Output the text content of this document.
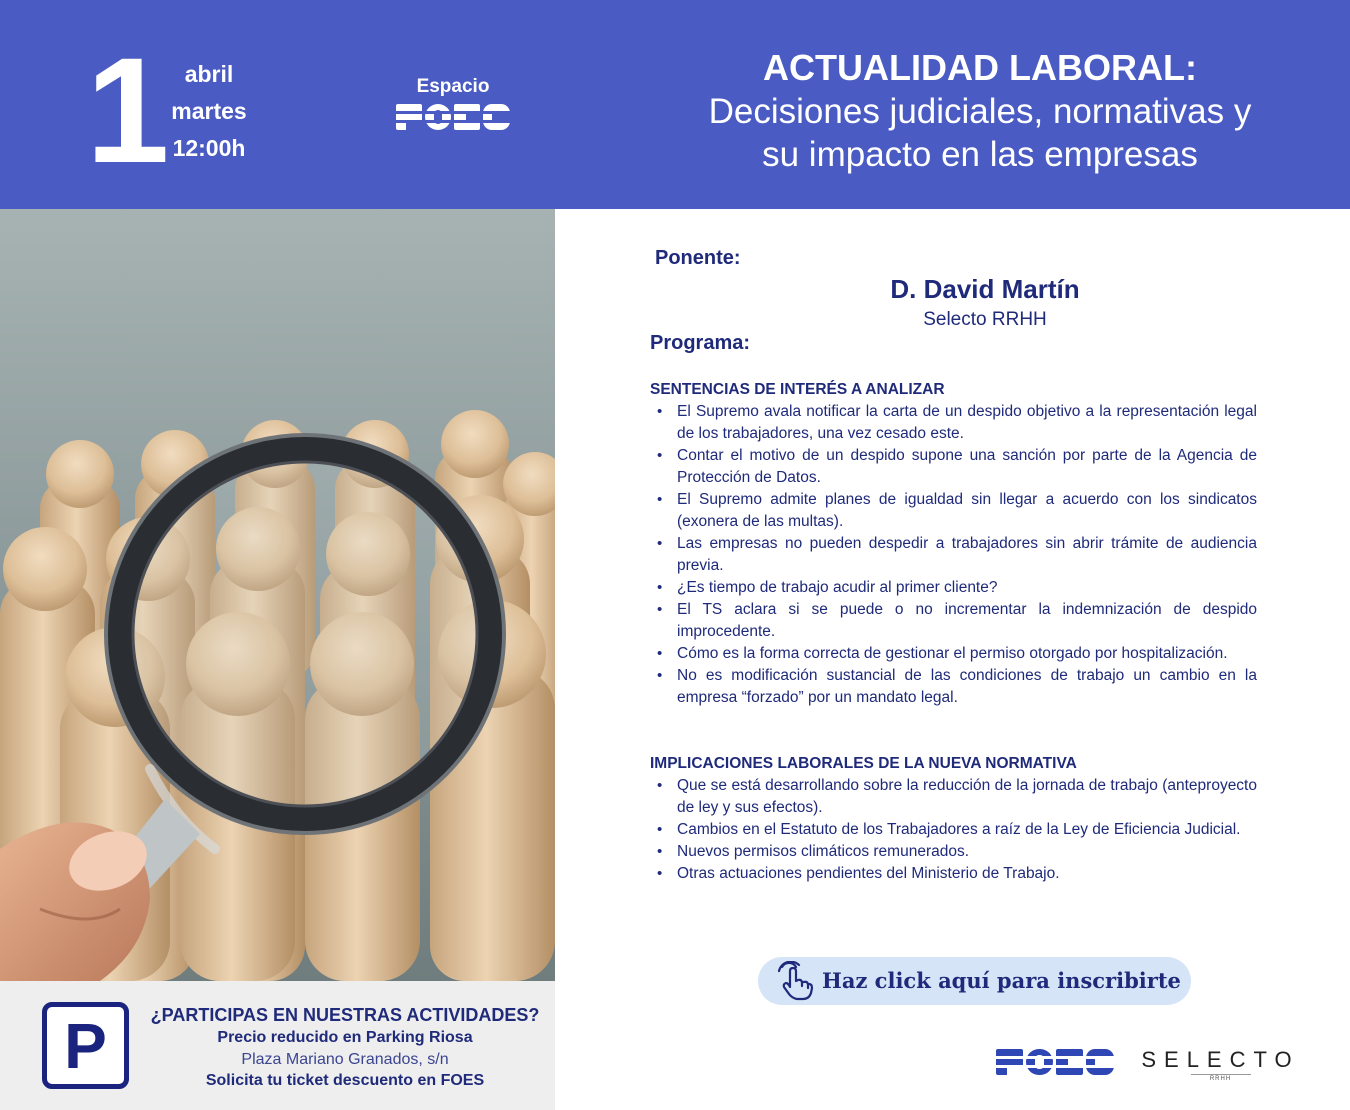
1 abril
martes
12:00h
Espacio	ACTUALIDAD LABORAL:
Decisiones judiciales, normativas y
su impacto en las empresas
P	¿PARTICIPAS EN NUESTRAS ACTIVIDADES?
Precio reducido en Parking Riosa
Plaza Mariano Granados, s/n
Solicita tu ticket descuento en FOES
Ponente:
D. David Martín
Selecto RRHH
Programa:
SENTENCIAS DE INTERÉS A ANALIZAR
• El Supremo avala notificar la carta de un despido objetivo a la representación legal de los trabajadores, una vez cesado este.
• Contar el motivo de un despido supone una sanción por parte de la Agencia de Protección de Datos.
• El Supremo admite planes de igualdad sin llegar a acuerdo con los sindicatos (exonera de las multas).
• Las empresas no pueden despedir a trabajadores sin abrir trámite de audiencia previa.
• ¿Es tiempo de trabajo acudir al primer cliente?
• El TS aclara si se puede o no incrementar la indemnización de despido improcedente.
• Cómo es la forma correcta de gestionar el permiso otorgado por hospitalización.
• No es modificación sustancial de las condiciones de trabajo un cambio en la empresa “forzado” por un mandato legal.
IMPLICACIONES LABORALES DE LA NUEVA NORMATIVA
• Que se está desarrollando sobre la reducción de la jornada de trabajo (anteproyecto de ley y sus efectos).
• Cambios en el Estatuto de los Trabajadores a raíz de la Ley de Eficiencia Judicial.
• Nuevos permisos climáticos remunerados.
• Otras actuaciones pendientes del Ministerio de Trabajo.
Haz click aquí para inscribirte
SELECTO
RRHH
